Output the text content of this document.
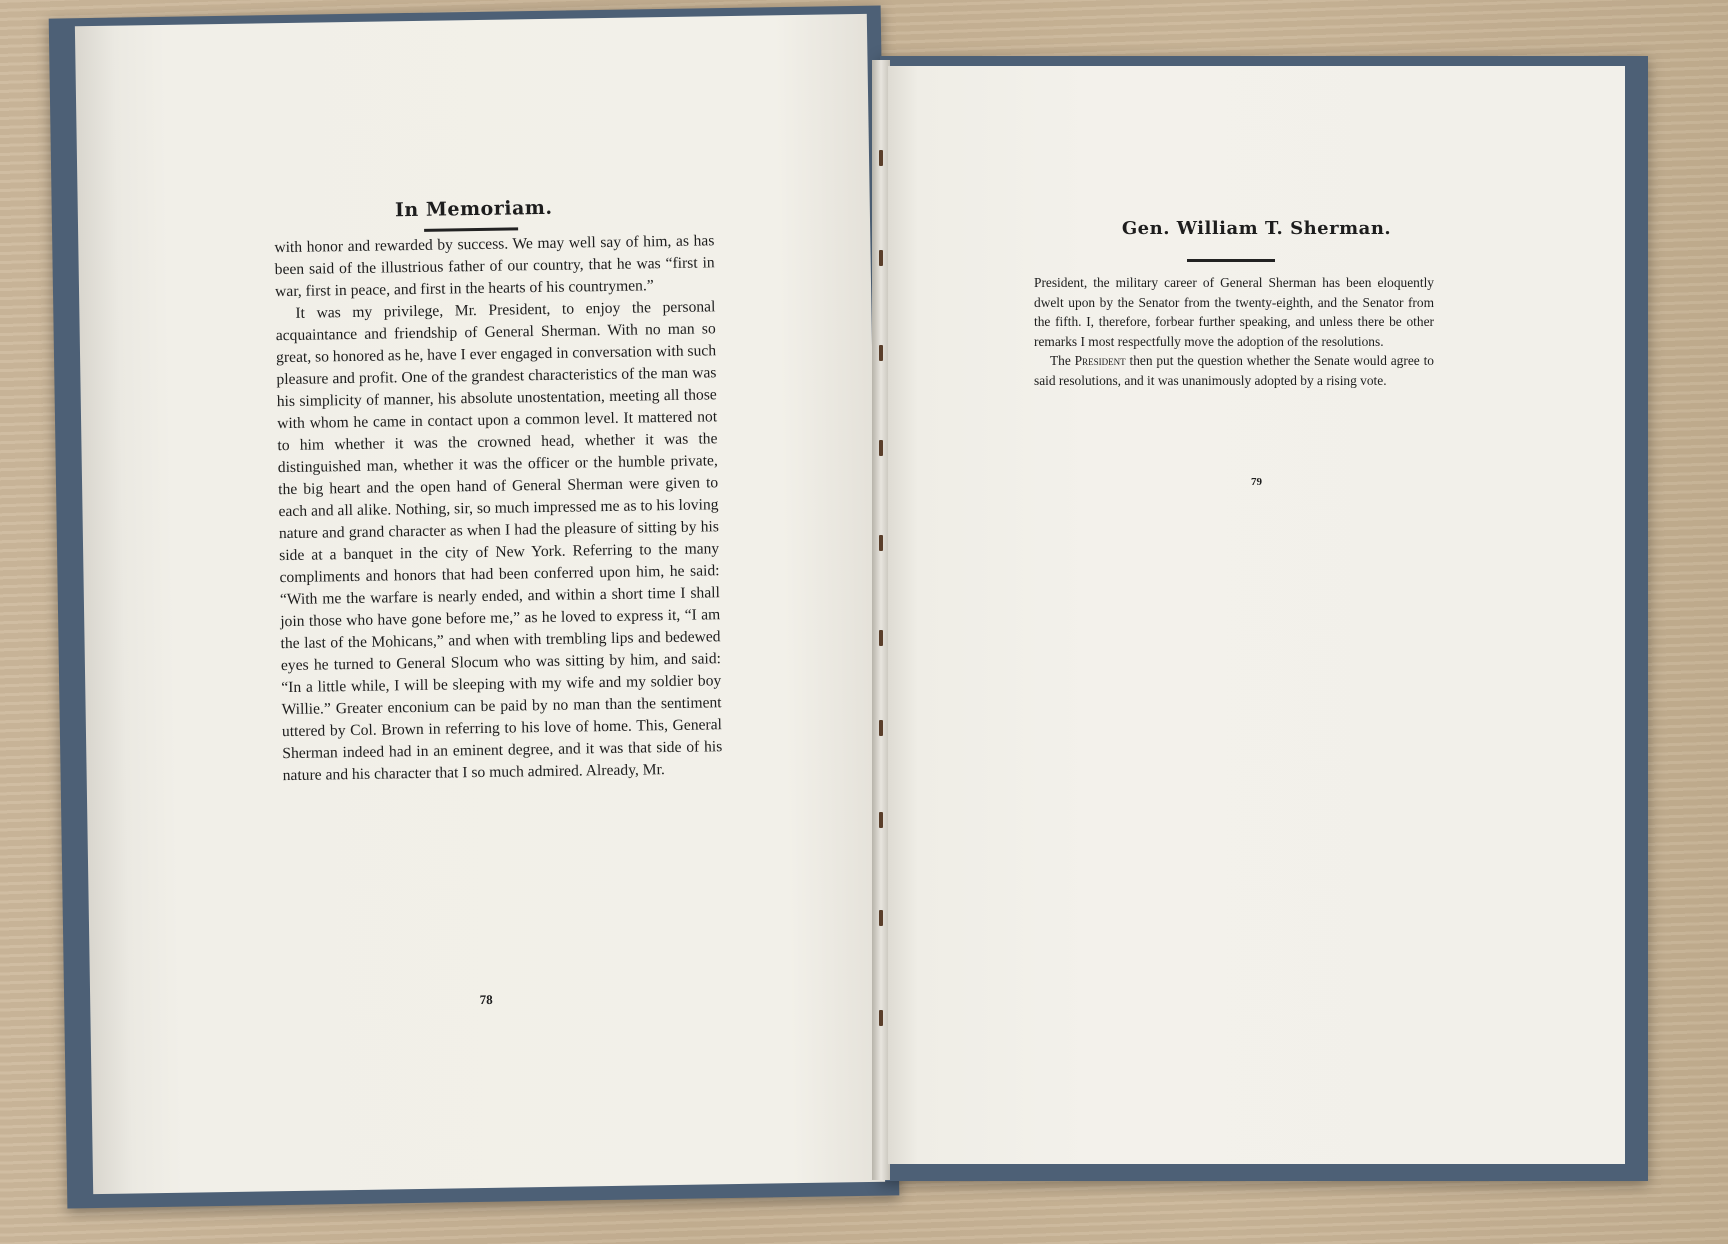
In Memoriam.

with honor and rewarded by success. We may well say of him, as has been said of the illustrious father of our country, that he was “first in war, first in peace, and first in the hearts of his countrymen.”

It was my privilege, Mr. President, to enjoy the personal acquaintance and friendship of General Sherman. With no man so great, so honored as he, have I ever engaged in conversation with such pleasure and profit. One of the grandest characteristics of the man was his simplicity of manner, his absolute unostentation, meeting all those with whom he came in contact upon a common level. It mattered not to him whether it was the crowned head, whether it was the distinguished man, whether it was the officer or the humble private, the big heart and the open hand of General Sherman were given to each and all alike. Nothing, sir, so much impressed me as to his loving nature and grand character as when I had the pleasure of sitting by his side at a banquet in the city of New York. Referring to the many compliments and honors that had been conferred upon him, he said: “With me the warfare is nearly ended, and within a short time I shall join those who have gone before me,” as he loved to express it, “I am the last of the Mohicans,” and when with trembling lips and bedewed eyes he turned to General Slocum who was sitting by him, and said: “In a little while, I will be sleeping with my wife and my soldier boy Willie.” Greater enconium can be paid by no man than the sentiment uttered by Col. Brown in referring to his love of home. This, General Sherman indeed had in an eminent degree, and it was that side of his nature and his character that I so much admired. Already, Mr.

78
Gen. William T. Sherman.

President, the military career of General Sherman has been eloquently dwelt upon by the Senator from the twenty-eighth, and the Senator from the fifth. I, therefore, forbear further speaking, and unless there be other remarks I most respectfully move the adoption of the resolutions.

The President then put the question whether the Senate would agree to said resolutions, and it was unanimously adopted by a rising vote.

79
